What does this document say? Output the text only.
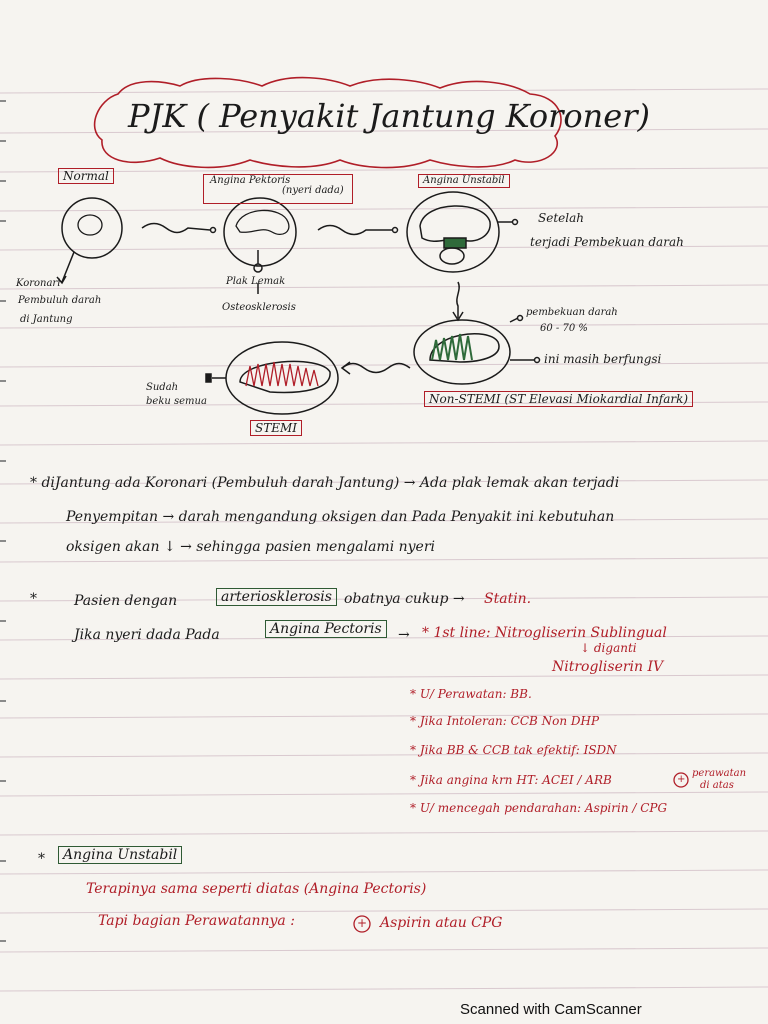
PJK ( Penyakit Jantung Koroner)
Normal
Koronari
Pembuluh darah
di Jantung
Angina Pektoris
(nyeri dada)
Plak Lemak
Osteosklerosis
Angina Unstabil
Setelah
terjadi Pembekuan darah
pembekuan darah
60 - 70 %
ini masih berfungsi
Non-STEMI (ST Elevasi Miokardial Infark)
Sudah
beku semua
STEMI
* diJantung ada Koronari (Pembuluh darah Jantung) → Ada plak lemak akan terjadi
Penyempitan → darah mengandung oksigen dan Pada Penyakit ini kebutuhan
oksigen akan ↓ → sehingga pasien mengalami nyeri
*	Pasien dengan	arteriosklerosis obatnya cukup → Statin.
Jika nyeri dada Pada	Angina Pectoris	→ * 1st line: Nitrogliserin Sublingual
↓ diganti
Nitrogliserin IV
* U/ Perawatan: BB.
* Jika Intoleran: CCB Non DHP
* Jika BB & CCB tak efektif: ISDN
* Jika angina krn HT: ACEI / ARB	+
perawatan
di atas
* U/ mencegah pendarahan: Aspirin / CPG
*	Angina Unstabil
Terapinya sama seperti diatas (Angina Pectoris)
Tapi bagian Perawatannya :	+ Aspirin atau CPG
Scanned with CamScanner
